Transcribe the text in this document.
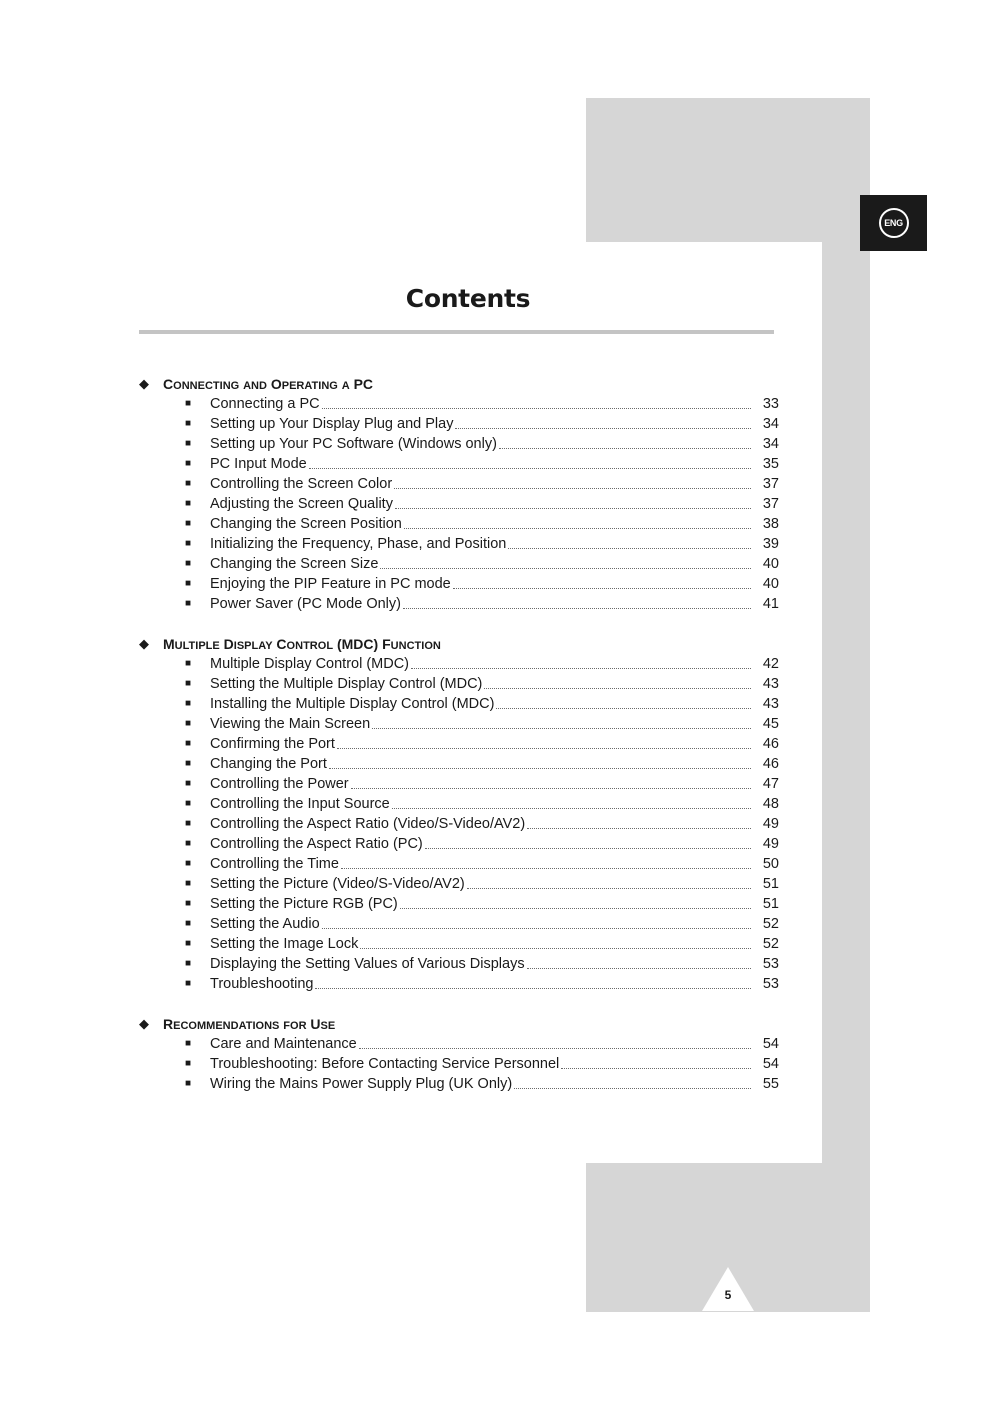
ENG
Contents
◆	CONNECTING AND OPERATING A PC
■	Connecting a PC	33
■	Setting up Your Display Plug and Play	34
■	Setting up Your PC Software (Windows only)	34
■	PC Input Mode	35
■	Controlling the Screen Color	37
■	Adjusting the Screen Quality	37
■	Changing the Screen Position	38
■	Initializing the Frequency, Phase, and Position	39
■	Changing the Screen Size	40
■	Enjoying the PIP Feature in PC mode	40
■	Power Saver (PC Mode Only)	41
◆	MULTIPLE DISPLAY CONTROL (MDC) FUNCTION
■	Multiple Display Control (MDC)	42
■	Setting the Multiple Display Control (MDC)	43
■	Installing the Multiple Display Control (MDC)	43
■	Viewing the Main Screen	45
■	Confirming the Port	46
■	Changing the Port	46
■	Controlling the Power	47
■	Controlling the Input Source	48
■	Controlling the Aspect Ratio (Video/S-Video/AV2)	49
■	Controlling the Aspect Ratio (PC)	49
■	Controlling the Time	50
■	Setting the Picture (Video/S-Video/AV2)	51
■	Setting the Picture RGB (PC)	51
■	Setting the Audio	52
■	Setting the Image Lock	52
■	Displaying the Setting Values of Various Displays	53
■	Troubleshooting	53
◆	RECOMMENDATIONS FOR USE
■	Care and Maintenance	54
■	Troubleshooting: Before Contacting Service Personnel	54
■	Wiring the Mains Power Supply Plug (UK Only)	55
5
